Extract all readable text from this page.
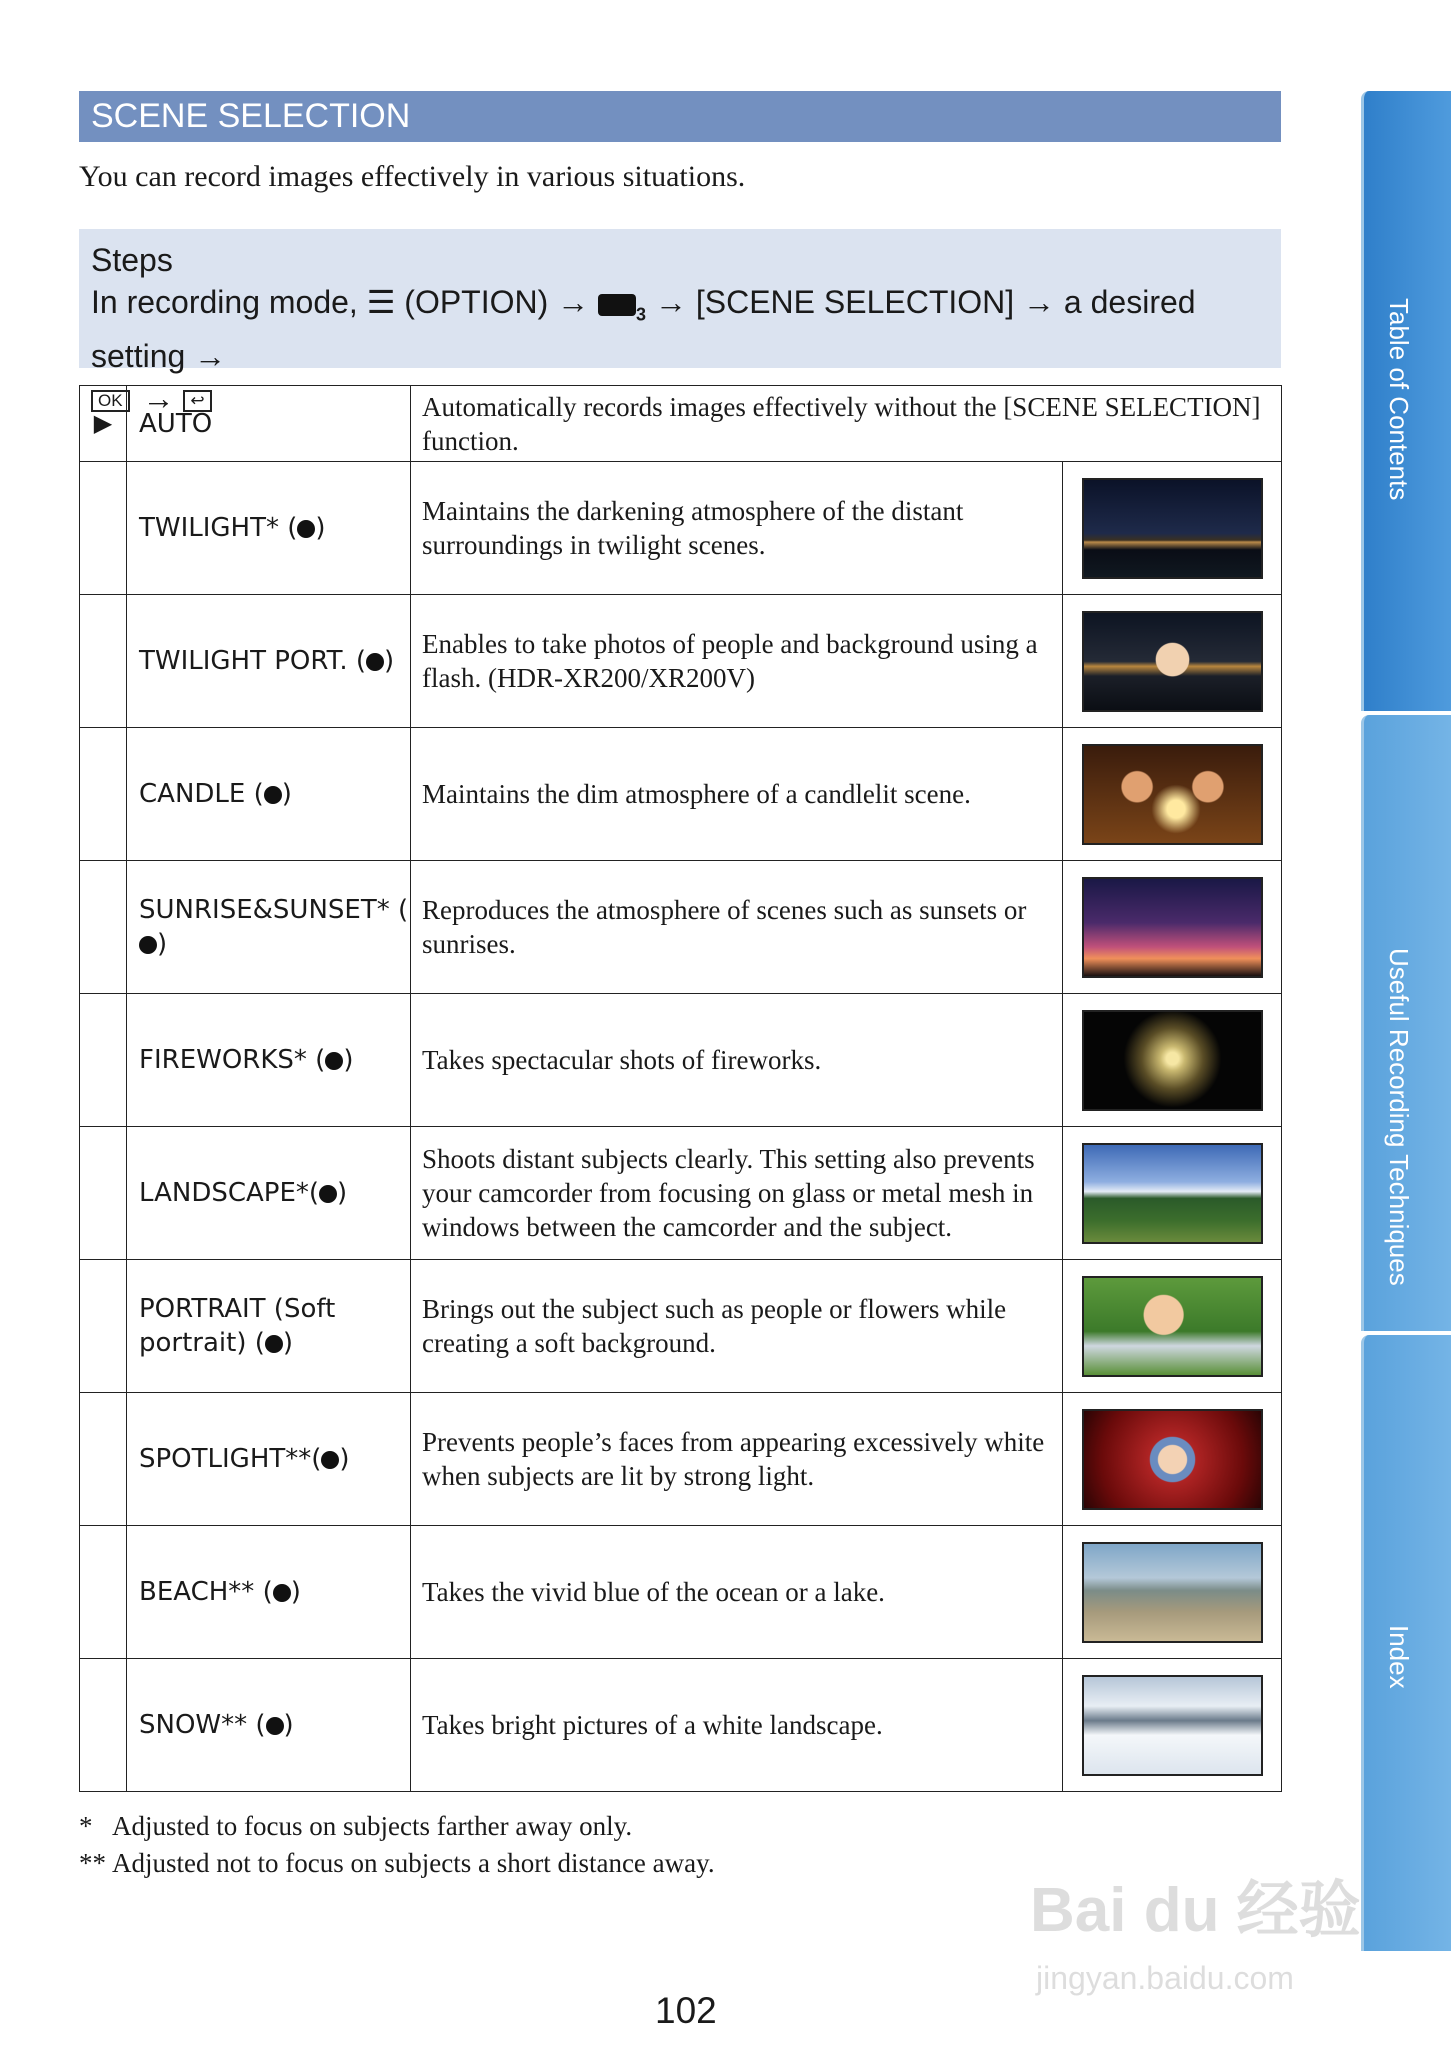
SCENE SELECTION
You can record images effectively in various situations.
Steps
In recording mode, ☰ (OPTION) →	$_3$ → [SCENE SELECTION] → a desired setting →
OK → ↩
▶	AUTO	Automatically records images effectively without the [SCENE SELECTION] function.	
	TWILIGHT* ( )	Maintains the darkening atmosphere of the distant surroundings in twilight scenes.	

	TWILIGHT PORT. ( )	Enables to take photos of people and background using a flash. (HDR-XR200/XR200V)	

	CANDLE ( )	Maintains the dim atmosphere of a candlelit scene.	

	SUNRISE&SUNSET* ()	Reproduces the atmosphere of scenes such as sunsets or sunrises.	

	FIREWORKS* ( )	Takes spectacular shots of fireworks.	

	LANDSCAPE*( )	Shoots distant subjects clearly. This setting also prevents your camcorder from focusing on glass or metal mesh in windows between the camcorder and the subject.	

	PORTRAIT (Soft portrait) ( )	Brings out the subject such as people or flowers while creating a soft background.	

	SPOTLIGHT**( )	Prevents people’s faces from appearing excessively white when subjects are lit by strong light.	

	BEACH** ( )	Takes the vivid blue of the ocean or a lake.	

	SNOW** ( )	Takes bright pictures of a white landscape.	
* Adjusted to focus on subjects farther away only.
** Adjusted not to focus on subjects a short distance away.
Table of Contents
Useful Recording Techniques
Index
102
Bai du 经验
jingyan.baidu.com
